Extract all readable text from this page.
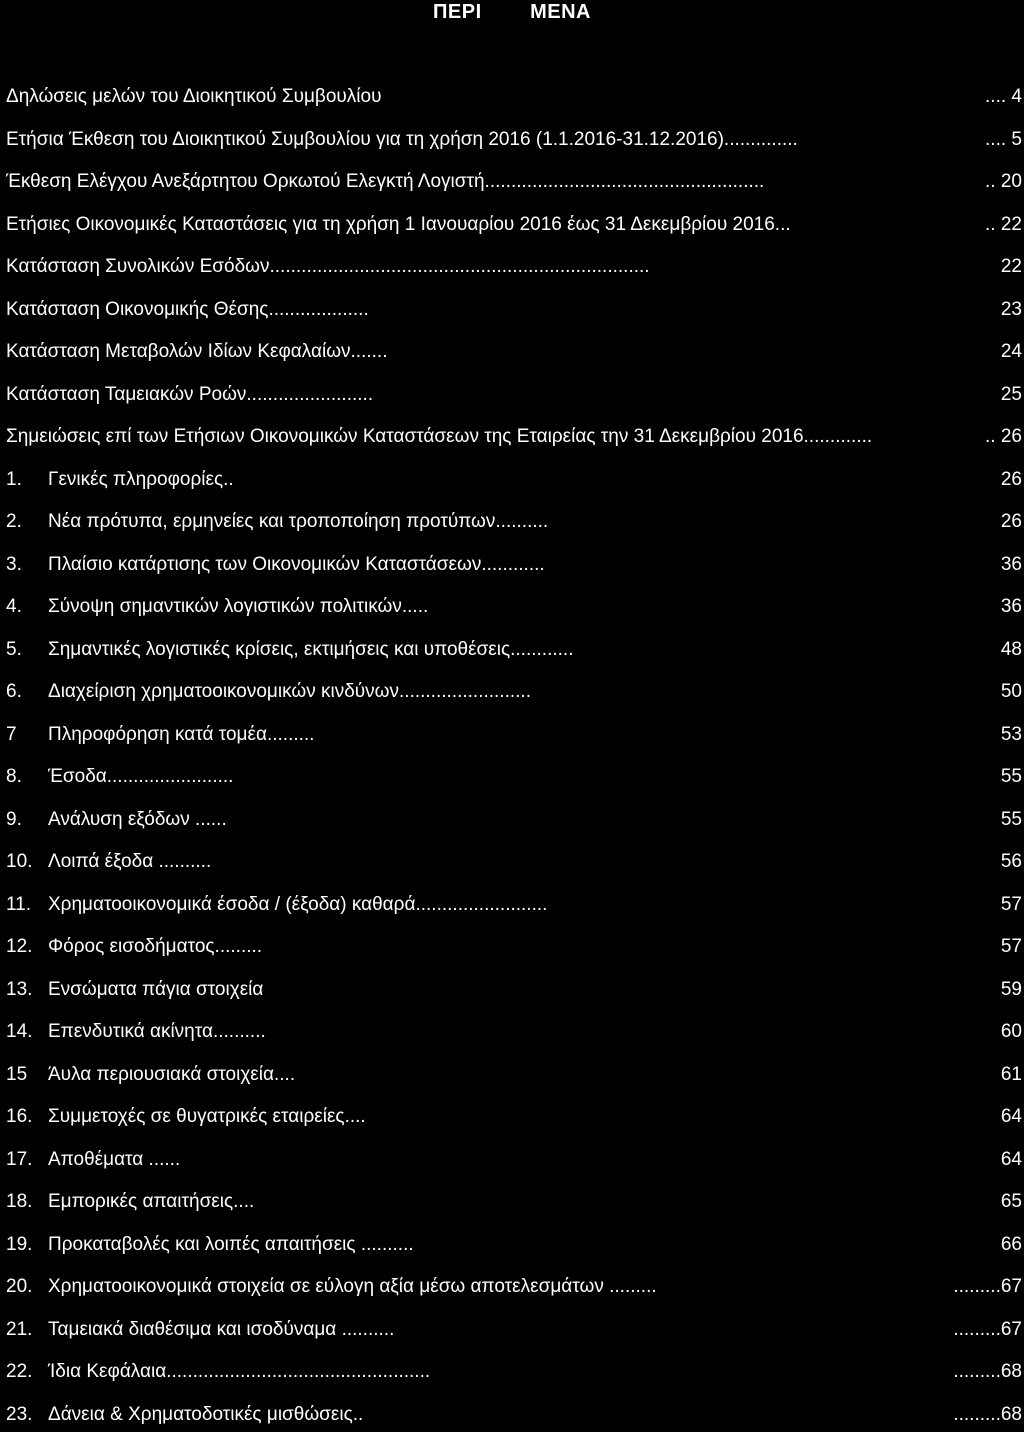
ΠΕΡΙ        ΜΕΝΑ
Δηλώσεις μελών του Διοικητικού Συμβουλίου	.... 4
Ετήσια Έκθεση του Διοικητικού Συμβουλίου για τη χρήση 2016 (1.1.2016-31.12.2016)..............	.... 5
Έκθεση Ελέγχου Ανεξάρτητου Ορκωτού Ελεγκτή Λογιστή.....................................................	.. 20
Ετήσιες Οικονομικές Καταστάσεις για τη χρήση 1 Ιανουαρίου 2016 έως 31 Δεκεμβρίου 2016...	.. 22
Κατάσταση Συνολικών Εσόδων........................................................................	22
Κατάσταση Οικονομικής Θέσης...................	23
Κατάσταση Μεταβολών Ιδίων Κεφαλαίων.......	24
Κατάσταση Ταμειακών Ροών........................	25
Σημειώσεις επί των Ετήσιων Οικονομικών Καταστάσεων της Εταιρείας την 31 Δεκεμβρίου 2016.............	.. 26
1. Γενικές πληροφορίες..	26
2. Νέα πρότυπα, ερμηνείες και τροποποίηση προτύπων..........	26
3. Πλαίσιο κατάρτισης των Οικονομικών Καταστάσεων............	36
4. Σύνοψη σημαντικών λογιστικών πολιτικών.....	36
5. Σημαντικές λογιστικές κρίσεις, εκτιμήσεις και υποθέσεις............	48
6. Διαχείριση χρηματοοικονομικών κινδύνων.........................	50
7 Πληροφόρηση κατά τομέα.........	53
8. Έσοδα........................	55
9. Ανάλυση εξόδων ......	55
10. Λοιπά έξοδα ..........	56
11. Χρηματοοικονομικά έσοδα / (έξοδα) καθαρά.........................	57
12. Φόρος εισοδήματος.........	57
13. Ενσώματα πάγια στοιχεία	59
14. Επενδυτικά ακίνητα..........	60
15 Άυλα περιουσιακά στοιχεία....	61
16. Συμμετοχές σε θυγατρικές εταιρείες....	64
17. Αποθέματα ......	64
18. Εμπορικές απαιτήσεις....	65
19. Προκαταβολές και λοιπές απαιτήσεις ..........	66
20. Χρηματοοικονομικά στοιχεία σε εύλογη αξία μέσω αποτελεσμάτων .........	.........67
21. Ταμειακά διαθέσιμα και ισοδύναμα ..........	.........67
22. Ίδια Κεφάλαια..................................................	.........68
23. Δάνεια & Χρηματοδοτικές μισθώσεις..	.........68
